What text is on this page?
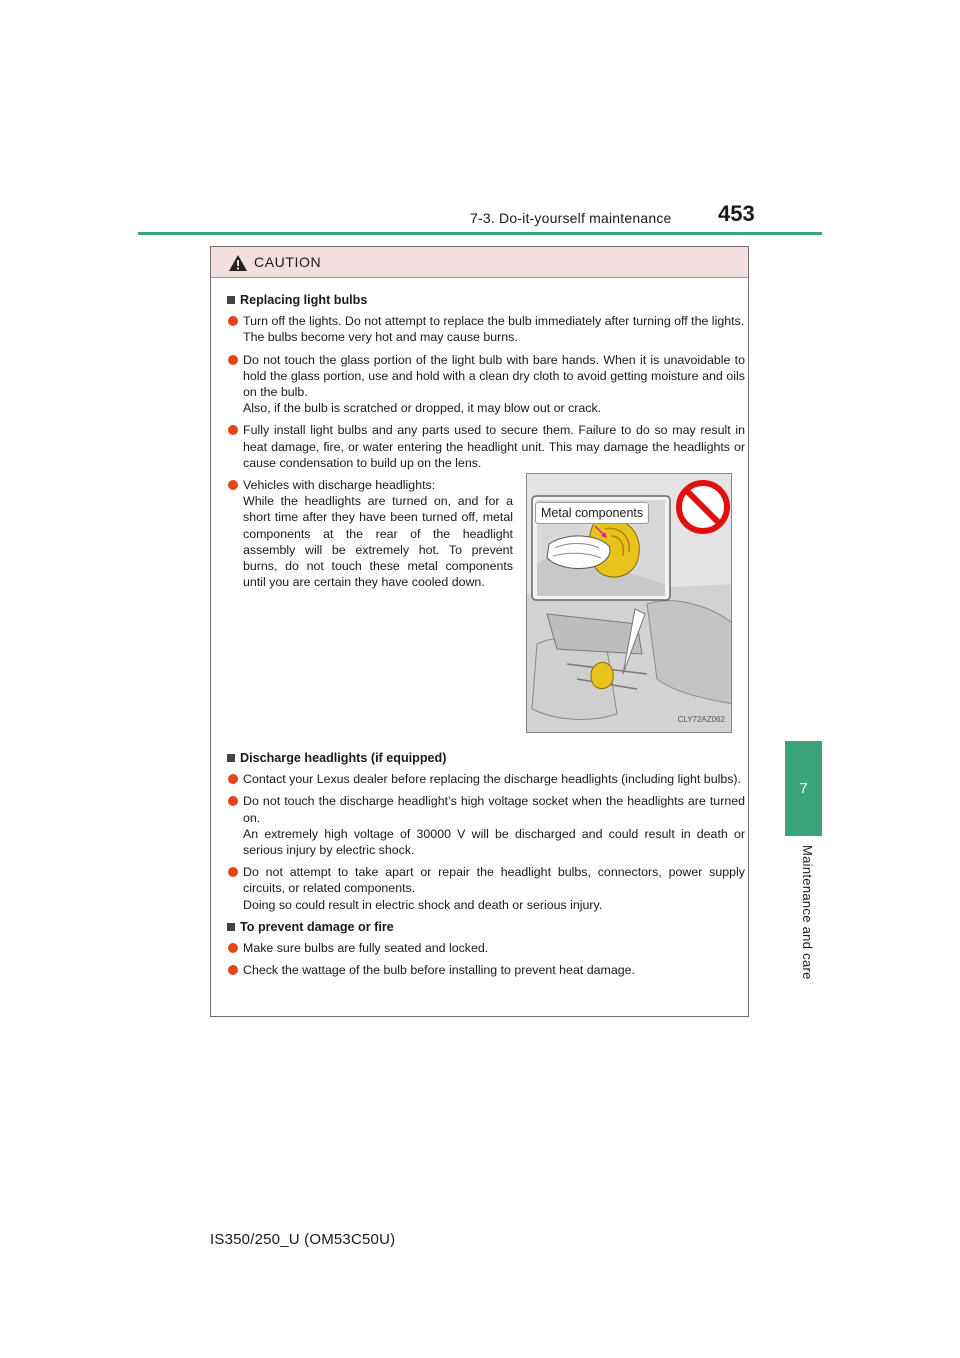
7-3. Do-it-yourself maintenance 453
7
Maintenance and care
CAUTION
Replacing light bulbs

Turn off the lights. Do not attempt to replace the bulb immediately after turning off the lights.

The bulbs become very hot and may cause burns.

Do not touch the glass portion of the light bulb with bare hands. When it is unavoidable to hold the glass portion, use and hold with a clean dry cloth to avoid getting moisture and oils on the bulb.

Also, if the bulb is scratched or dropped, it may blow out or crack.

Fully install light bulbs and any parts used to secure them. Failure to do so may result in heat damage, fire, or water entering the headlight unit. This may damage the headlights or cause condensation to build up on the lens.

Vehicles with discharge headlights:

While the headlights are turned on, and for a short time after they have been turned off, metal components at the rear of the headlight assembly will be extremely hot. To prevent burns, do not touch these metal components until you are certain they have cooled down.

Metal components
CLY72AZ062
Discharge headlights (if equipped)

Contact your Lexus dealer before replacing the discharge headlights (including light bulbs).

Do not touch the discharge headlight’s high voltage socket when the headlights are turned on.

An extremely high voltage of 30000 V will be discharged and could result in death or serious injury by electric shock.

Do not attempt to take apart or repair the headlight bulbs, connectors, power supply circuits, or related components.

Doing so could result in electric shock and death or serious injury.

To prevent damage or fire

Make sure bulbs are fully seated and locked.

Check the wattage of the bulb before installing to prevent heat damage.

IS350/250_U (OM53C50U)
